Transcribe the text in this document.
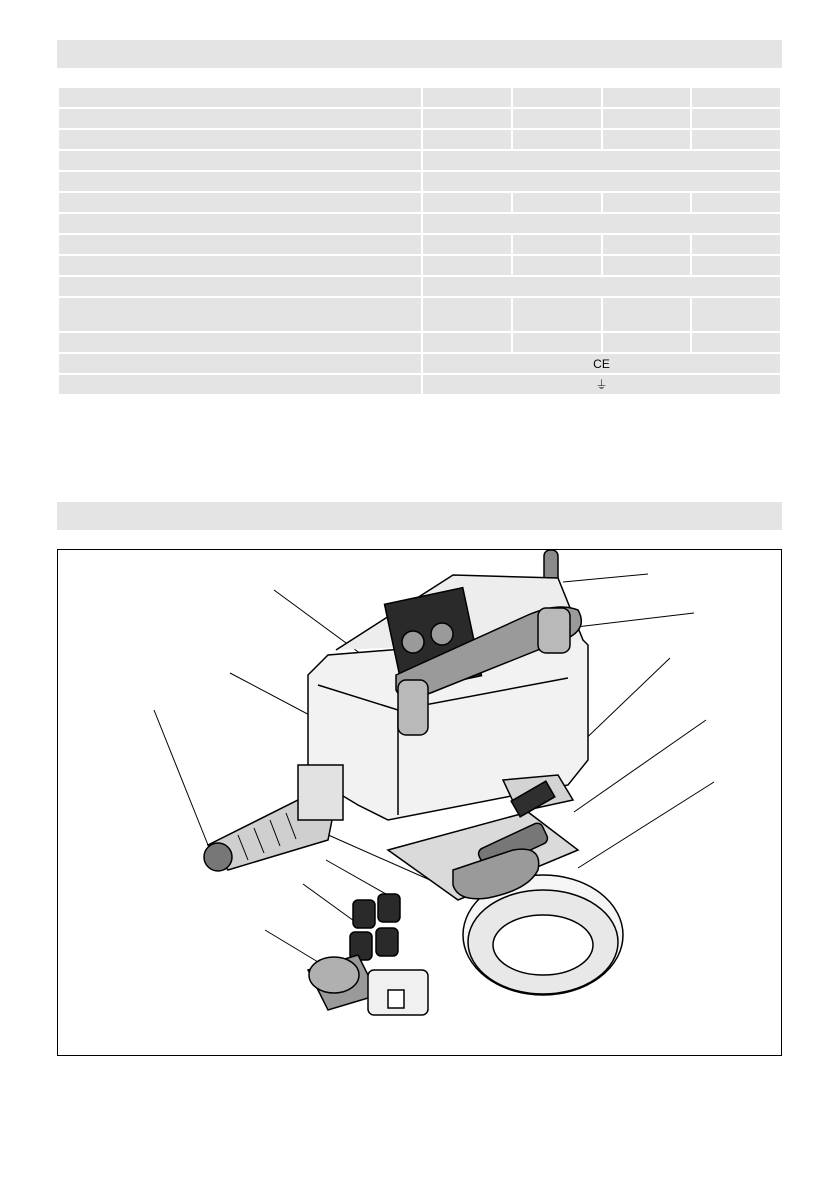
	CE			
	⏚			
